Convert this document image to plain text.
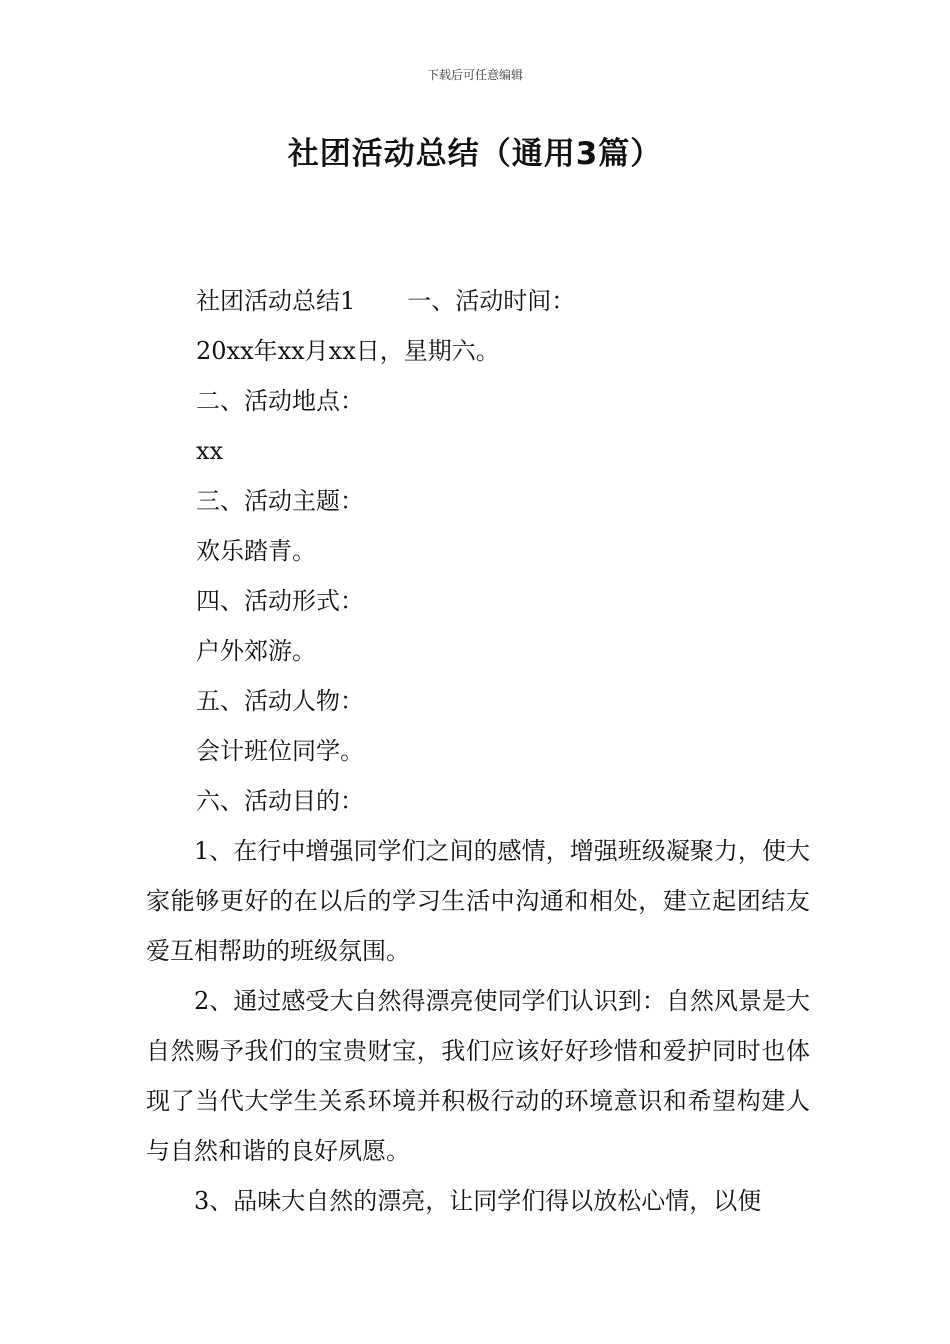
下载后可任意编辑
社团活动总结（通用3篇）
社团活动总结1 一、活动时间：
20xx年xx月xx日，星期六。
二、活动地点：
xx
三、活动主题：
欢乐踏青。
四、活动形式：
户外郊游。
五、活动人物：
会计班位同学。
六、活动目的：

1、在行中增强同学们之间的感情，增强班级凝聚力，使大家能够更好的在以后的学习生活中沟通和相处，建立起团结友爱互相帮助的班级氛围。

2、通过感受大自然得漂亮使同学们认识到：自然风景是大自然赐予我们的宝贵财宝，我们应该好好珍惜和爱护同时也体现了当代大学生关系环境并积极行动的环境意识和希望构建人与自然和谐的良好夙愿。

3、品味大自然的漂亮，让同学们得以放松心情，以便
